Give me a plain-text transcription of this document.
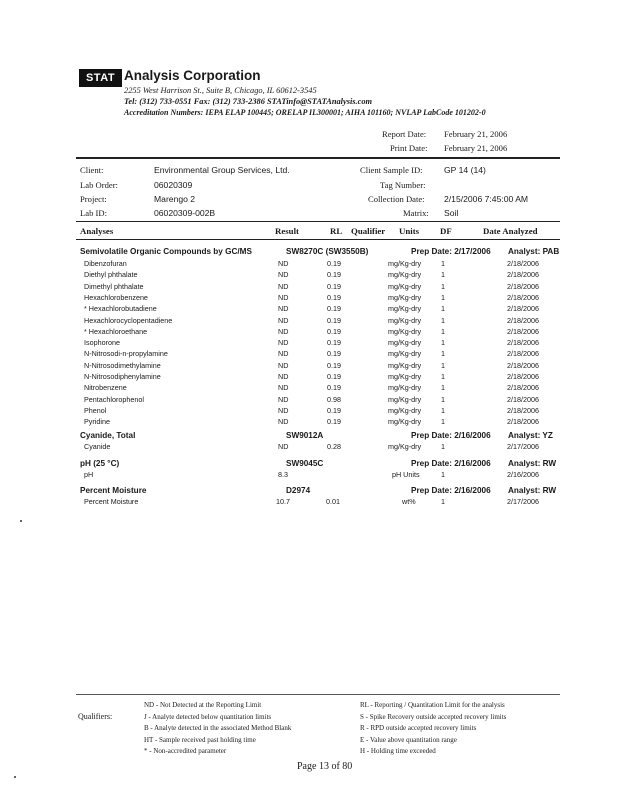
STAT Analysis Corporation
2255 West Harrison St., Suite B, Chicago, IL 60612-3545
Tel: (312) 733-0551 Fax: (312) 733-2386 STATinfo@STATAnalysis.com
Accreditation Numbers: IEPA ELAP 100445; ORELAP IL300001; AIHA 101160; NVLAP LabCode 101202-0
Report Date: February 21, 2006
Print Date: February 21, 2006
Client:	Environmental Group Services, Ltd.
Lab Order:	06020309
Project:	Marengo 2
Lab ID:	06020309-002B
Client Sample ID: GP 14 (14)
Tag Number:
Collection Date: 2/15/2006 7:45:00 AM
Matrix: Soil
Analyses	Result	RL Qualifier Units DF	Date Analyzed
Semivolatile Organic Compounds by GC/MS	SW8270C (SW3550B)	Prep Date: 2/17/2006 Analyst: PAB
Dibenzofuran	ND	0.19	mg/Kg-dry	1	2/18/2006
Diethyl phthalate	ND	0.19	mg/Kg-dry	1	2/18/2006
Dimethyl phthalate	ND	0.19	mg/Kg-dry	1	2/18/2006
Hexachlorobenzene	ND	0.19	mg/Kg-dry	1	2/18/2006
* Hexachlorobutadiene	ND	0.19	mg/Kg-dry	1	2/18/2006
Hexachlorocyclopentadiene	ND	0.19	mg/Kg-dry	1	2/18/2006
* Hexachloroethane	ND	0.19	mg/Kg-dry	1	2/18/2006
Isophorone	ND	0.19	mg/Kg-dry	1	2/18/2006
N-Nitrosodi-n-propylamine	ND	0.19	mg/Kg-dry	1	2/18/2006
N-Nitrosodimethylamine	ND	0.19	mg/Kg-dry	1	2/18/2006
N-Nitrosodiphenylamine	ND	0.19	mg/Kg-dry	1	2/18/2006
Nitrobenzene	ND	0.19	mg/Kg-dry	1	2/18/2006
Pentachlorophenol	ND	0.98	mg/Kg-dry	1	2/18/2006
Phenol	ND	0.19	mg/Kg-dry	1	2/18/2006
Pyridine	ND	0.19	mg/Kg-dry	1	2/18/2006
Cyanide, Total	SW9012A	Prep Date: 2/16/2006 Analyst: YZ
Cyanide	ND	0.28	mg/Kg-dry	1	2/17/2006
pH (25 °C)	SW9045C	Prep Date: 2/16/2006 Analyst: RW
pH	8.3	pH Units	1	2/16/2006
Percent Moisture	D2974	Prep Date: 2/16/2006 Analyst: RW
Percent Moisture	10.7	0.01	wt%	1	2/17/2006
Qualifiers:
ND - Not Detected at the Reporting Limit
J - Analyte detected below quantitation limits
B - Analyte detected in the associated Method Blank
HT - Sample received past holding time
* - Non-accredited parameter
RL - Reporting / Quantitation Limit for the analysis
S - Spike Recovery outside accepted recovery limits
R - RPD outside accepted recovery limits
E - Value above quantitation range
H - Holding time exceeded
Page 13 of 80
